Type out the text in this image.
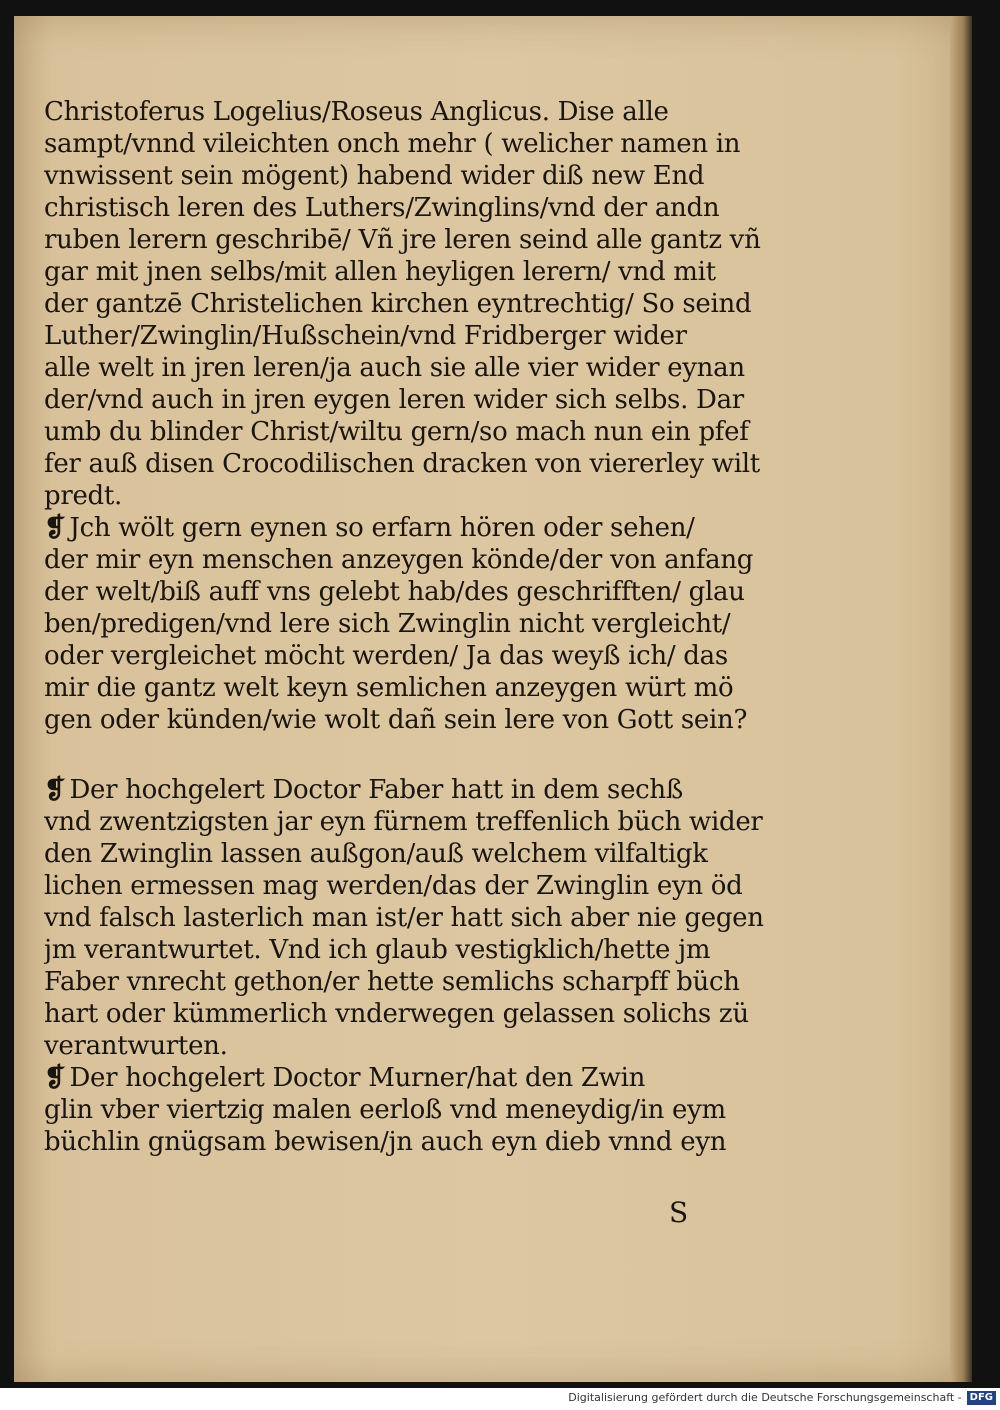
Christoferus Logelius/Roseus Anglicus. Dise alle
sampt/vnnd vileichten onch mehr ( welicher namen in
vnwissent sein mögent) habend wider diß new End
christisch leren des Luthers/Zwinglins/vnd der andn
ruben lerern geschribē/ Vñ jre leren seind alle gantz vñ
gar mit jnen selbs/mit allen heyligen lerern/ vnd mit
der gantzē Christelichen kirchen eyntrechtig/ So seind
Luther/Zwinglin/Hußschein/vnd Fridberger wider
alle welt in jren leren/ja auch sie alle vier wider eynan
der/vnd auch in jren eygen leren wider sich selbs. Dar
umb du blinder Christ/wiltu gern/so mach nun ein pfef
fer auß disen Crocodilischen dracken von viererley wilt
predt.
❡ Jch wölt gern eynen so erfarn hören oder sehen/
der mir eyn menschen anzeygen könde/der von anfang
der welt/biß auff vns gelebt hab/des geschrifften/ glau
ben/predigen/vnd lere sich Zwinglin nicht vergleicht/
oder vergleichet möcht werden/ Ja das weyß ich/ das
mir die gantz welt keyn semlichen anzeygen würt mö
gen oder künden/wie wolt dañ sein lere von Gott sein?
❡ Der hochgelert Doctor Faber hatt in dem sechß
vnd zwentzigsten jar eyn fürnem treffenlich büch wider
den Zwinglin lassen außgon/auß welchem vilfaltigk
lichen ermessen mag werden/das der Zwinglin eyn öd
vnd falsch lasterlich man ist/er hatt sich aber nie gegen
jm verantwurtet. Vnd ich glaub vestigklich/hette jm
Faber vnrecht gethon/er hette semlichs scharpff büch
hart oder kümmerlich vnderwegen gelassen solichs zü
verantwurten.
❡ Der hochgelert Doctor Murner/hat den Zwin
glin vber viertzig malen eerloß vnd meneydig/in eym
büchlin gnügsam bewisen/jn auch eyn dieb vnnd eyn
S
Digitalisierung gefördert durch die Deutsche Forschungsgemeinschaft - DFG
